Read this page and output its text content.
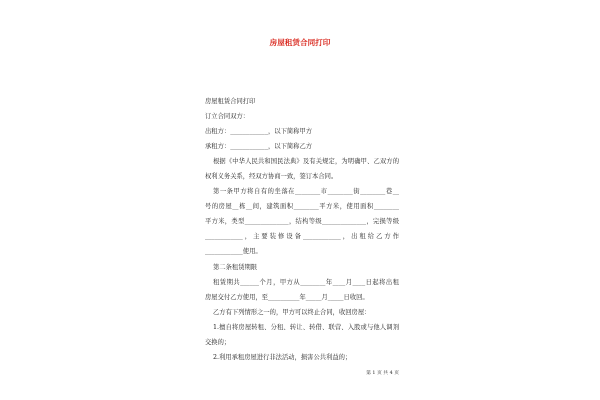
房屋租赁合同打印
房屋租赁合同打印
订立合同双方：
出租方：____________，以下简称甲方
承租方：____________，以下简称乙方
根据《中华人民共和国民法典》及有关规定，为明确甲、乙双方的
权利义务关系，经双方协商一致，签订本合同。
第一条甲方将自有的坐落在________市________街________巷__
号的房屋__栋__间，建筑面积________平方米，使用面积________
平方米，类型______________，结构等级______________，完损等级
____________，主要装修设备____________，出租给乙方作
____________使用。
第二条租赁期限
租赁期共______个月，甲方从________年____月____日起将出租
房屋交付乙方使用，至__________年_____月_____日收回。
乙方有下列情形之一的，甲方可以终止合同，收回房屋：
1.擅自将房屋转租、分租、转让、转借、联营、入股或与他人调剂
交换的；
2.利用承租房屋进行非法活动，损害公共利益的；
第 1 页 共 4 页
